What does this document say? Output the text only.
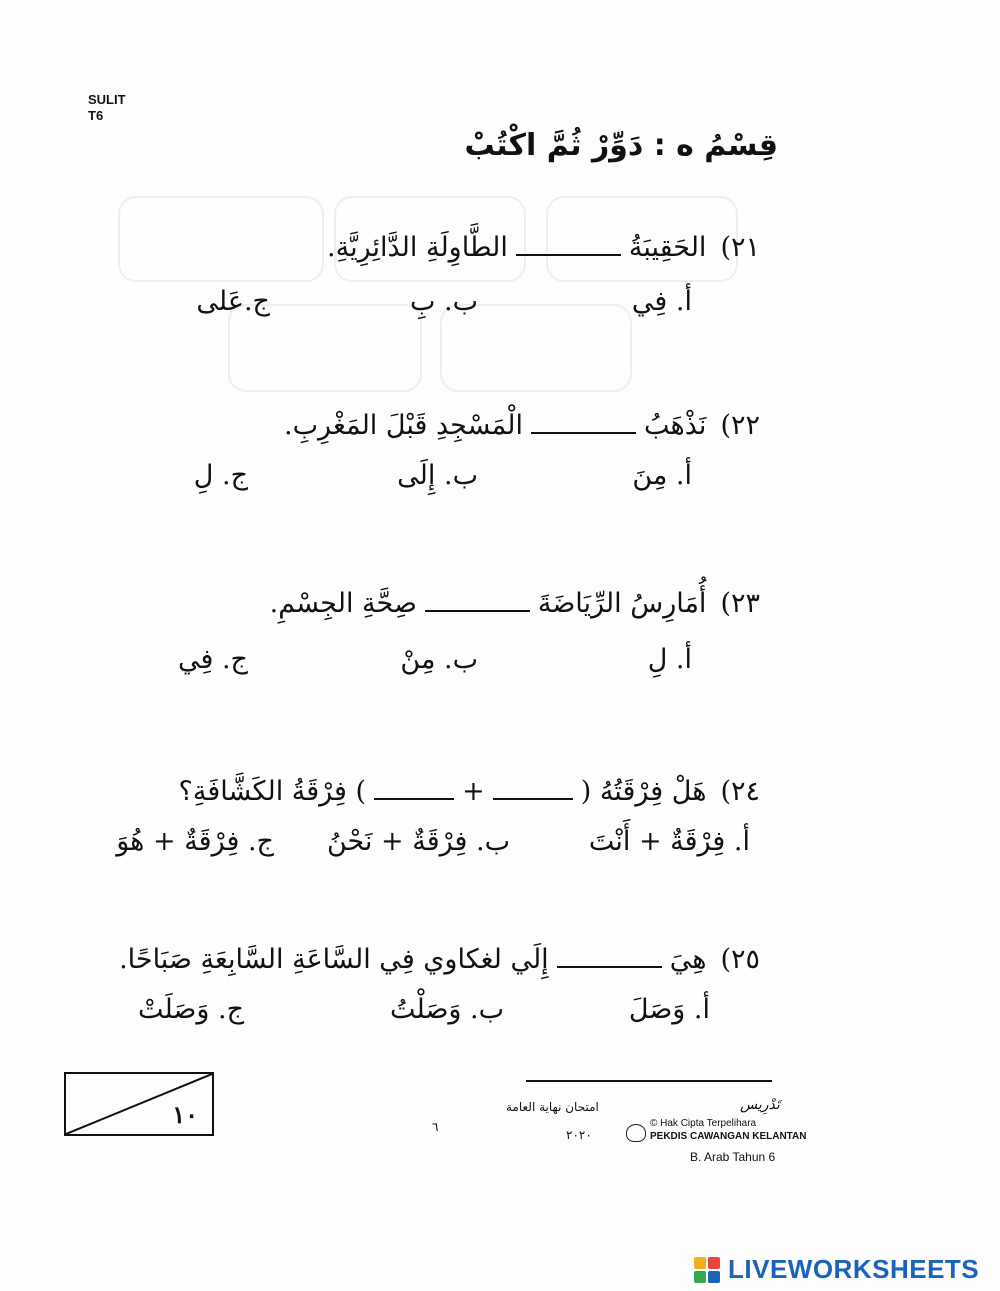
SULIT
T6
قِسْمُ ه : دَوِّرْ ثُمَّ اكْتُبْ
٢١)الحَقِيبَةُالطَّاوِلَةِ الدَّائِرِيَّةِ.
أ. فِي
ب. بِ
ج.عَلى
٢٢)نَذْهَبُالْمَسْجِدِ قَبْلَ المَغْرِبِ.
أ. مِنَ
ب. إِلَى
ج. لِ
٢٣)أُمَارِسُ الرِّيَاضَةَصِحَّةِ الجِسْمِ.
أ. لِ
ب. مِنْ
ج. فِي
٢٤)هَلْ فِرْقَتُهُ (+) فِرْقَةُ الكَشَّافَةِ؟
أ. فِرْقَةٌ + أَنْتَ
ب. فِرْقَةٌ + نَحْنُ
ج. فِرْقَةٌ + هُوَ
٢٥)هِيَإِلَي لغكاوي فِي السَّاعَةِ السَّابِعَةِ صَبَاحًا.
أ. وَصَلَ
ب. وَصَلْتُ
ج. وَصَلَتْ
١٠	تَدْرِيس
امتحان نهاية العامة
٦
٢٠٢٠
© Hak Cipta Terpelihara
PEKDIS CAWANGAN KELANTAN
B. Arab Tahun 6
LIVEWORKSHEETS
